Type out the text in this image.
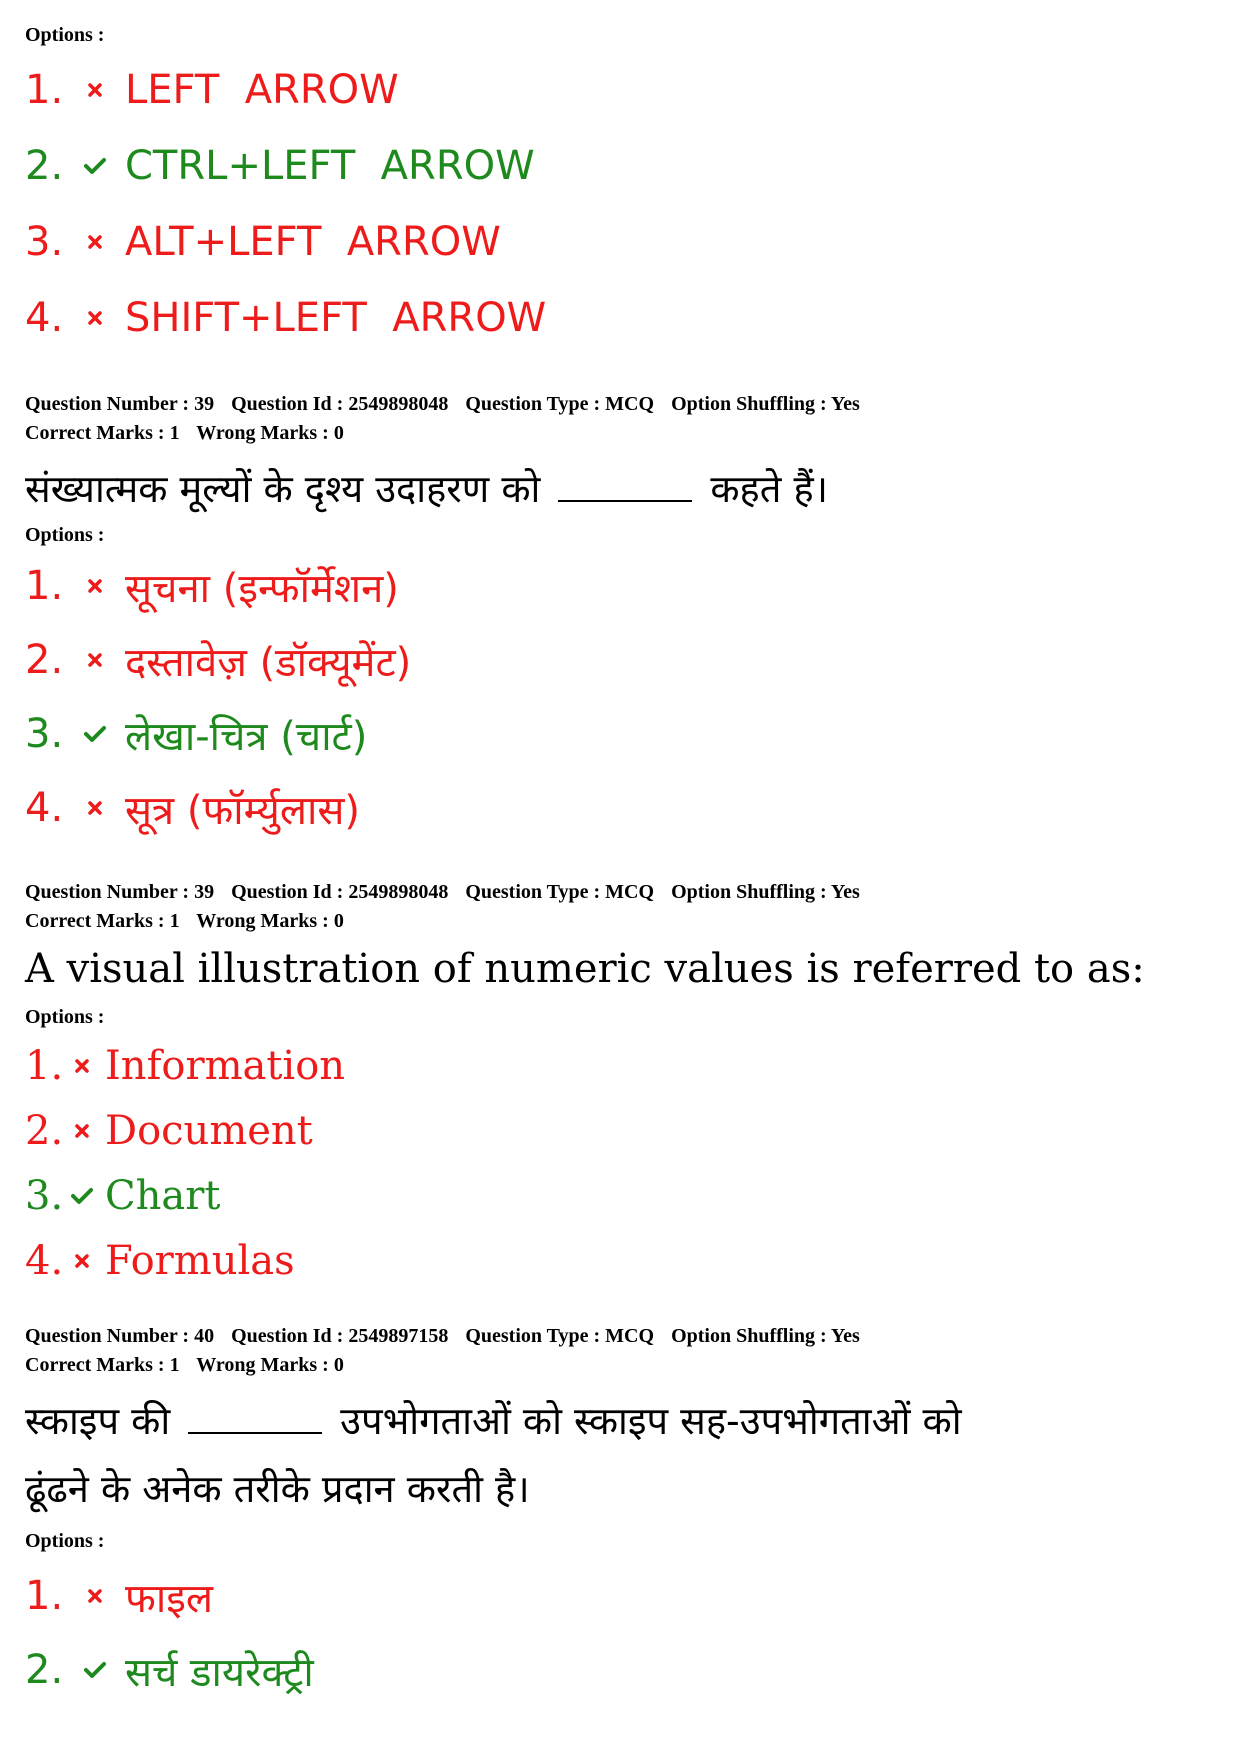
Options :
1.	LEFT  ARROW
2.	CTRL+LEFT  ARROW
3.	ALT+LEFT  ARROW
4.	SHIFT+LEFT  ARROW
Question Number : 39 Question Id : 2549898048 Question Type : MCQ Option Shuffling : Yes
Correct Marks : 1 Wrong Marks : 0
संख्यात्मक मूल्यों के दृश्य उदाहरण को	कहते हैं।
Options :
1.	सूचना (इन्फॉर्मेशन)
2.	दस्तावेज़ (डॉक्यूमेंट)
3.	लेखा-चित्र (चार्ट)
4.	सूत्र (फॉर्म्युलास)
Question Number : 39 Question Id : 2549898048 Question Type : MCQ Option Shuffling : Yes
Correct Marks : 1 Wrong Marks : 0
A visual illustration of numeric values is referred to as:
Options :
1. Information
2. Document
3. Chart
4. Formulas
Question Number : 40 Question Id : 2549897158 Question Type : MCQ Option Shuffling : Yes
Correct Marks : 1 Wrong Marks : 0
स्काइप की	उपभोगताओं को स्काइप सह-उपभोगताओं को
ढूंढने के अनेक तरीके प्रदान करती है।
Options :
1.	फाइल
2.	सर्च डायरेक्ट्री
